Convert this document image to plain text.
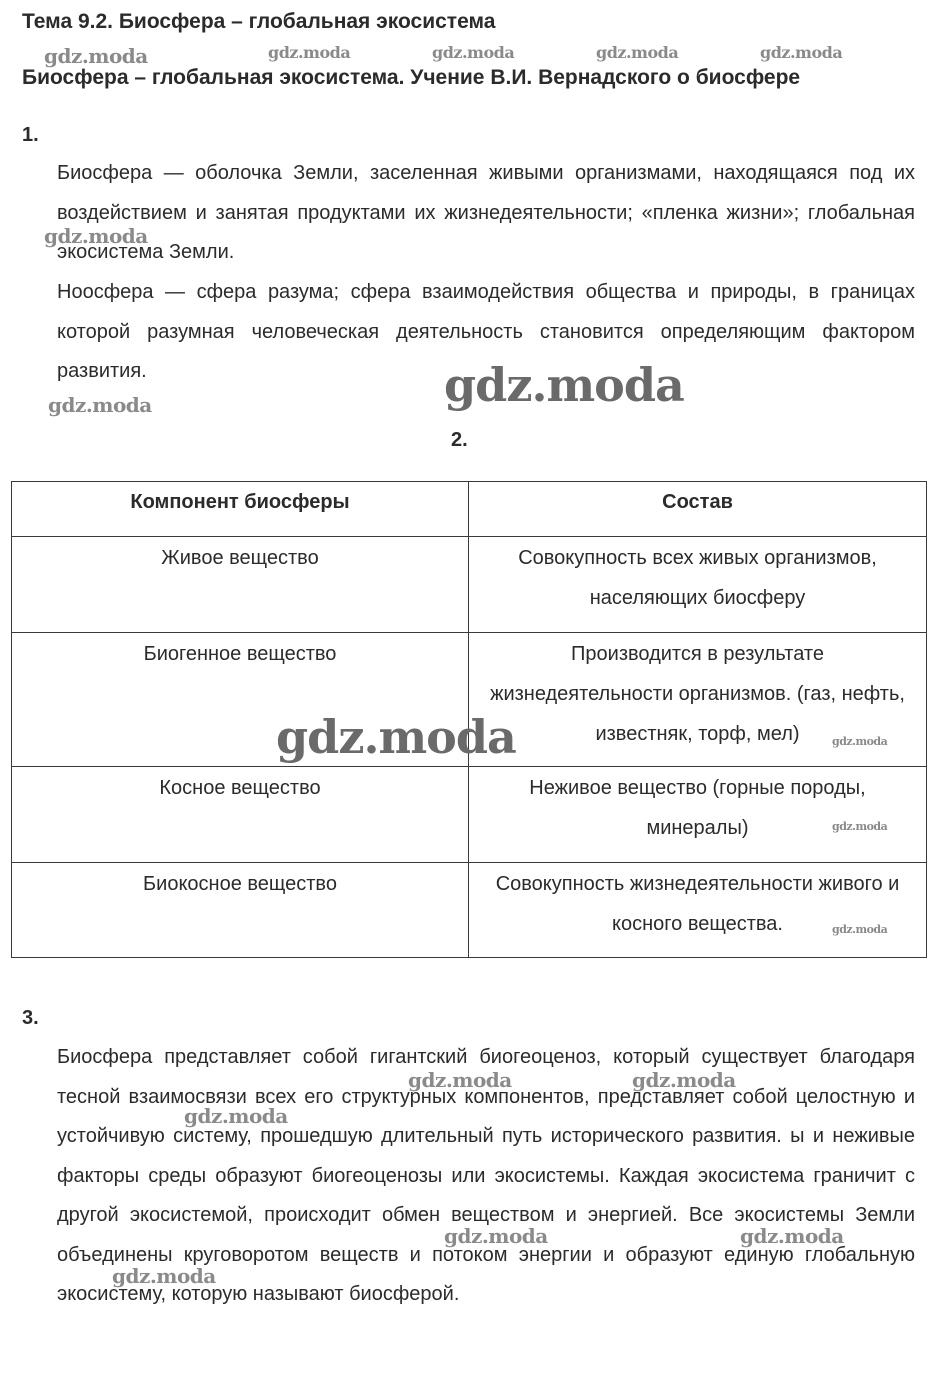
Тема 9.2. Биосфера – глобальная экосистема
Биосфера – глобальная экосистема. Учение В.И. Вернадского о биосфере
1.
Биосфера — оболочка Земли, заселенная живыми организмами, находящаяся под их воздействием и занятая продуктами их жизнедеятельности; «пленка жизни»; глобальная экосистема Земли.
Ноосфера — сфера разума; сфера взаимодействия общества и природы, в границах которой разумная человеческая деятельность становится определяющим фактором развития.
2.
Компонент биосферы	Состав
Живое вещество	Совокупность всех живых организмов, населяющих биосферу
Биогенное вещество	Производится в результате жизнедеятельности организмов. (газ, нефть, известняк, торф, мел)
Косное вещество	Неживое вещество (горные породы, минералы)
Биокосное вещество	Совокупность жизнедеятельности живого и косного вещества.
3.
Биосфера представляет собой гигантский биогеоценоз, который существует благодаря тесной взаимосвязи всех его структурных компонентов, представляет собой целостную и устойчивую систему, прошедшую длительный путь исторического развития. ы и неживые факторы среды образуют биогеоценозы или экосистемы. Каждая экосистема граничит с другой экосистемой, происходит обмен веществом и энергией. Все экосистемы Земли объединены круговоротом веществ и потоком энергии и образуют единую глобальную экосистему, которую называют биосферой.
gdz.moda	gdz.moda	gdz.moda	gdz.moda	gdz.moda
gdz.moda
gdz.moda
gdz.moda
gdz.moda	gdz.moda
gdz.moda
gdz.moda
gdz.moda	gdz.moda
gdz.moda
gdz.moda	gdz.moda
gdz.moda
